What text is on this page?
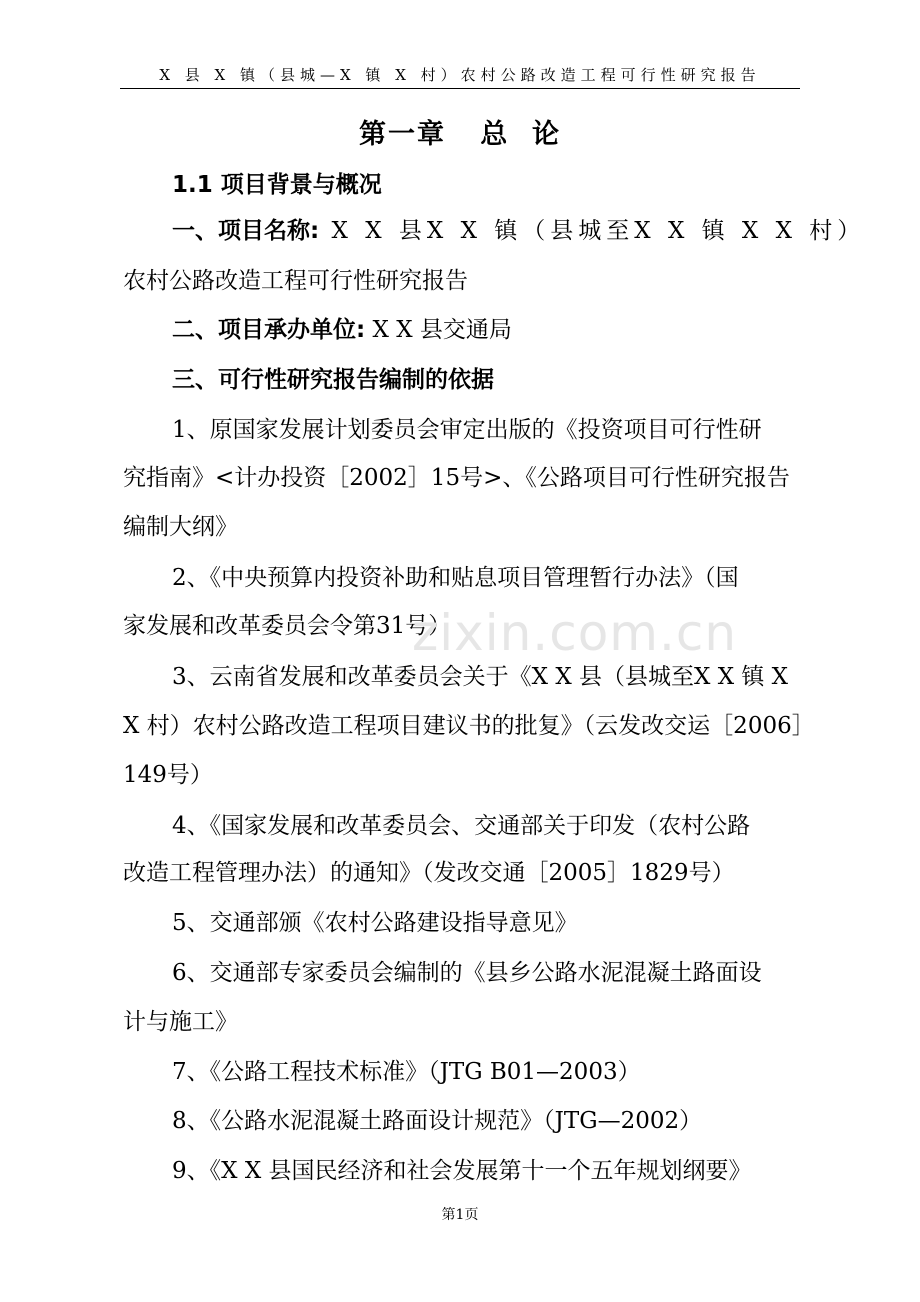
X 县 X 镇（县城—X 镇 X 村）农村公路改造工程可行性研究报告
第一章   总  论
1.1 项目背景与概况
一、项目名称: X X 县X X 镇（县城至X X 镇 X X 村）
农村公路改造工程可行性研究报告
二、项目承办单位: X X 县交通局
三、可行性研究报告编制的依据
1、原国家发展计划委员会审定出版的《投资项目可行性研
究指南》<计办投资［2002］15号>、《公路项目可行性研究报告
编制大纲》
2、《中央预算内投资补助和贴息项目管理暂行办法》（国
家发展和改革委员会令第31号）
3、云南省发展和改革委员会关于《X X 县（县城至X X 镇 X
X 村）农村公路改造工程项目建议书的批复》（云发改交运［2006］
149号）
4、《国家发展和改革委员会、交通部关于印发（农村公路
改造工程管理办法）的通知》（发改交通［2005］1829号）
5、交通部颁《农村公路建设指导意见》
6、交通部专家委员会编制的《县乡公路水泥混凝土路面设
计与施工》
7、《公路工程技术标准》（JTG B01—2003）
8、《公路水泥混凝土路面设计规范》（JTG—2002）
9、《X X 县国民经济和社会发展第十一个五年规划纲要》
zixin.com.cn
第1页
